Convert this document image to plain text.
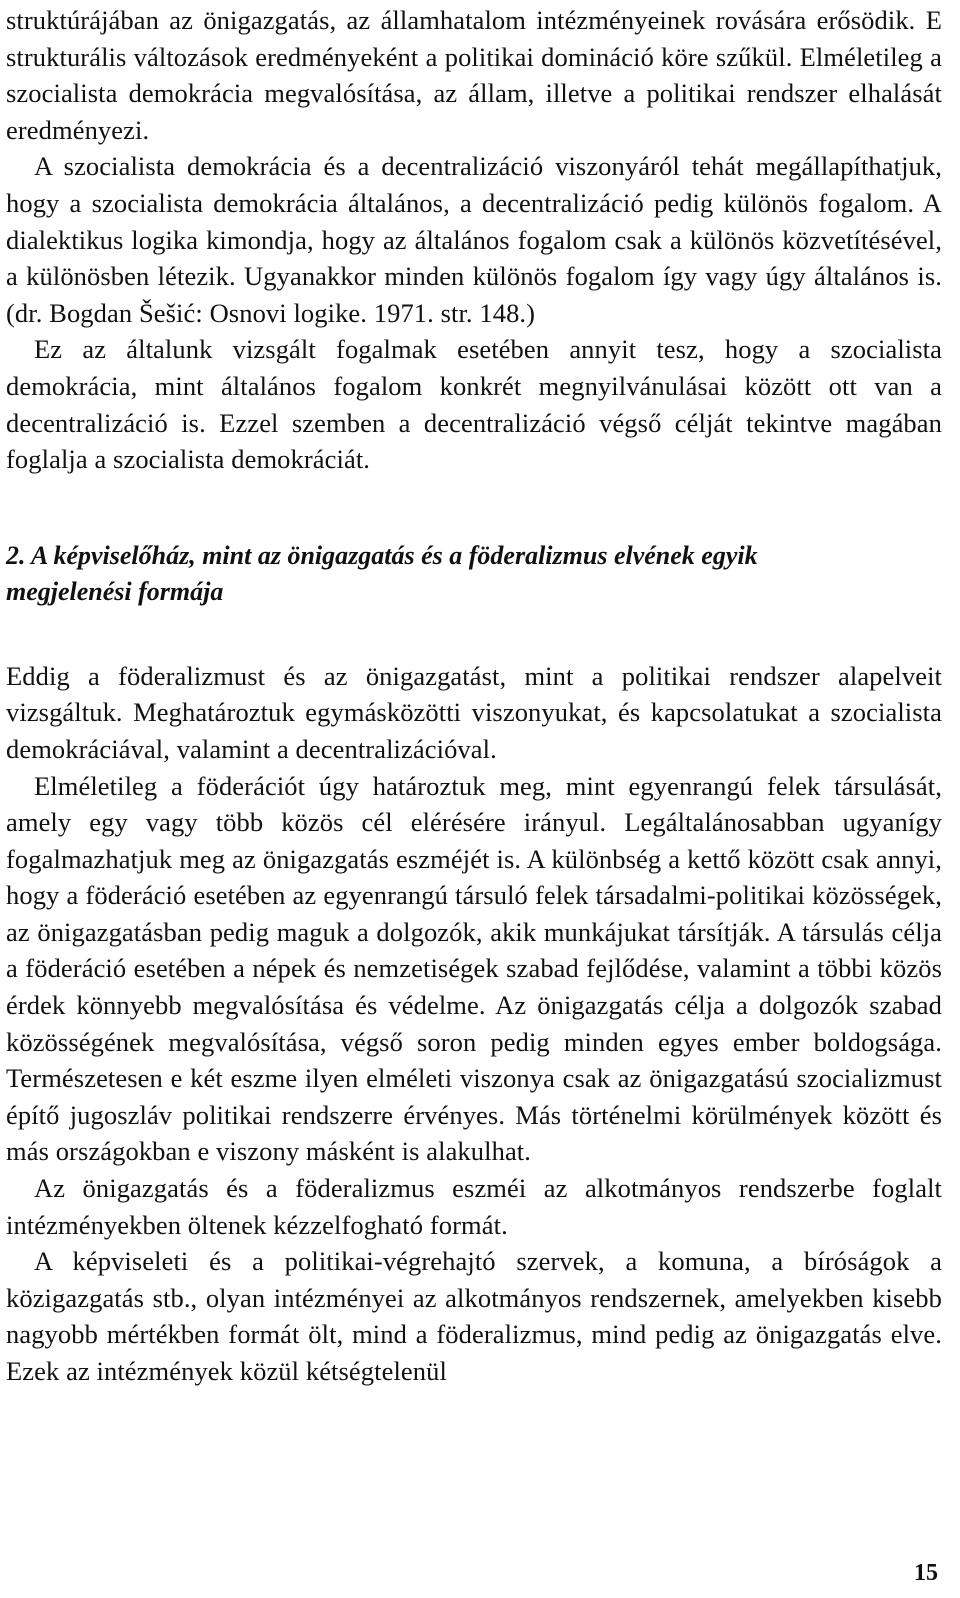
struktúrájában az önigazgatás, az államhatalom intézményeinek rovására erősödik. E strukturális változások eredményeként a politikai domináció köre szűkül. Elméletileg a szocialista demokrácia megvalósítása, az állam, illetve a politikai rendszer elhalását eredményezi.

A szocialista demokrácia és a decentralizáció viszonyáról tehát megállapíthatjuk, hogy a szocialista demokrácia általános, a decentralizáció pedig különös fogalom. A dialektikus logika kimondja, hogy az általános fogalom csak a különös közvetítésével, a különösben létezik. Ugyanakkor minden különös fogalom így vagy úgy általános is. (dr. Bogdan Šešić: Osnovi logike. 1971. str. 148.)

Ez az általunk vizsgált fogalmak esetében annyit tesz, hogy a szocialista demokrácia, mint általános fogalom konkrét megnyilvánulásai között ott van a decentralizáció is. Ezzel szemben a decentralizáció végső célját tekintve magában foglalja a szocialista demokráciát.

2. A képviselőház, mint az önigazgatás és a föderalizmus elvének egyik megjelenési formája

Eddig a föderalizmust és az önigazgatást, mint a politikai rendszer alapelveit vizsgáltuk. Meghatároztuk egymásközötti viszonyukat, és kapcsolatukat a szocialista demokráciával, valamint a decentralizációval.

Elméletileg a föderációt úgy határoztuk meg, mint egyenrangú felek társulását, amely egy vagy több közös cél elérésére irányul. Legáltalánosabban ugyanígy fogalmazhatjuk meg az önigazgatás eszméjét is. A különbség a kettő között csak annyi, hogy a föderáció esetében az egyenrangú társuló felek társadalmi-politikai közösségek, az önigazgatásban pedig maguk a dolgozók, akik munkájukat társítják. A társulás célja a föderáció esetében a népek és nemzetiségek szabad fejlődése, valamint a többi közös érdek könnyebb megvalósítása és védelme. Az önigazgatás célja a dolgozók szabad közösségének megvalósítása, végső soron pedig minden egyes ember boldogsága. Természetesen e két eszme ilyen elméleti viszonya csak az önigazgatású szocializmust építő jugoszláv politikai rendszerre érvényes. Más történelmi körülmények között és más országokban e viszony másként is alakulhat.

Az önigazgatás és a föderalizmus eszméi az alkotmányos rendszerbe foglalt intézményekben öltenek kézzelfogható formát.

A képviseleti és a politikai-végrehajtó szervek, a komuna, a bíróságok a közigazgatás stb., olyan intézményei az alkotmányos rendszernek, amelyekben kisebb nagyobb mértékben formát ölt, mind a föderalizmus, mind pedig az önigazgatás elve. Ezek az intézmények közül kétségtelenül

15
